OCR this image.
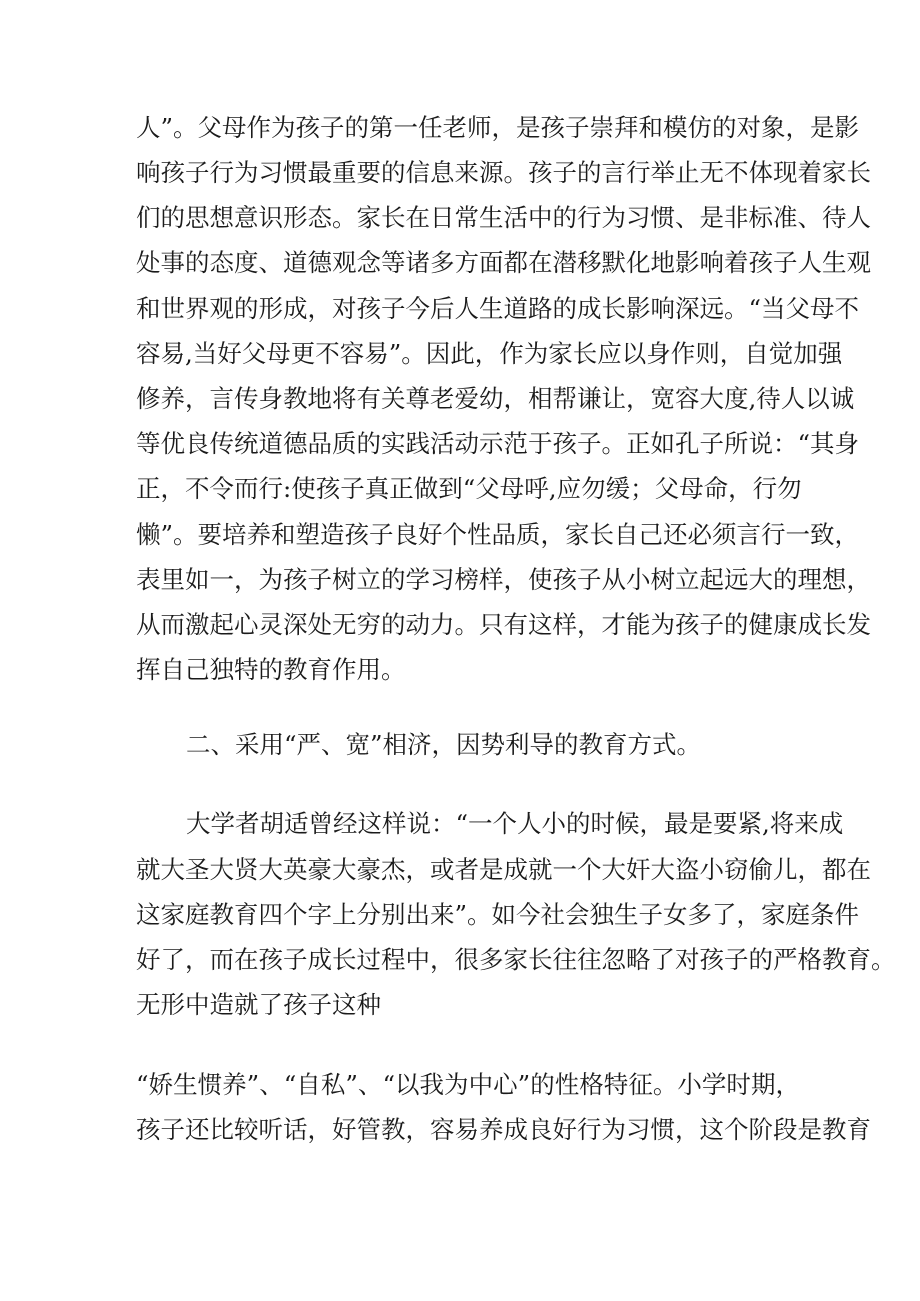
人”。父母作为孩子的第一任老师，是孩子崇拜和模仿的对象，是影
响孩子行为习惯最重要的信息来源。孩子的言行举止无不体现着家长
们的思想意识形态。家长在日常生活中的行为习惯、是非标准、待人
处事的态度、道德观念等诸多方面都在潜移默化地影响着孩子人生观
和世界观的形成，对孩子今后人生道路的成长影响深远。“当父母不
容易,当好父母更不容易”。因此，作为家长应以身作则，自觉加强
修养，言传身教地将有关尊老爱幼，相帮谦让，宽容大度,待人以诚
等优良传统道德品质的实践活动示范于孩子。正如孔子所说：“其身
正，不令而行:使孩子真正做到“父母呼,应勿缓；父母命，行勿
懒”。要培养和塑造孩子良好个性品质，家长自己还必须言行一致，
表里如一，为孩子树立的学习榜样，使孩子从小树立起远大的理想，
从而激起心灵深处无穷的动力。只有这样，才能为孩子的健康成长发
挥自己独特的教育作用。
二、采用“严、宽”相济，因势利导的教育方式。
大学者胡适曾经这样说：“一个人小的时候，最是要紧,将来成
就大圣大贤大英豪大豪杰，或者是成就一个大奸大盗小窃偷儿，都在
这家庭教育四个字上分别出来”。如今社会独生子女多了，家庭条件
好了，而在孩子成长过程中，很多家长往往忽略了对孩子的严格教育。
无形中造就了孩子这种
“娇生惯养”、“自私”、“以我为中心”的性格特征。小学时期，
孩子还比较听话，好管教，容易养成良好行为习惯，这个阶段是教育
